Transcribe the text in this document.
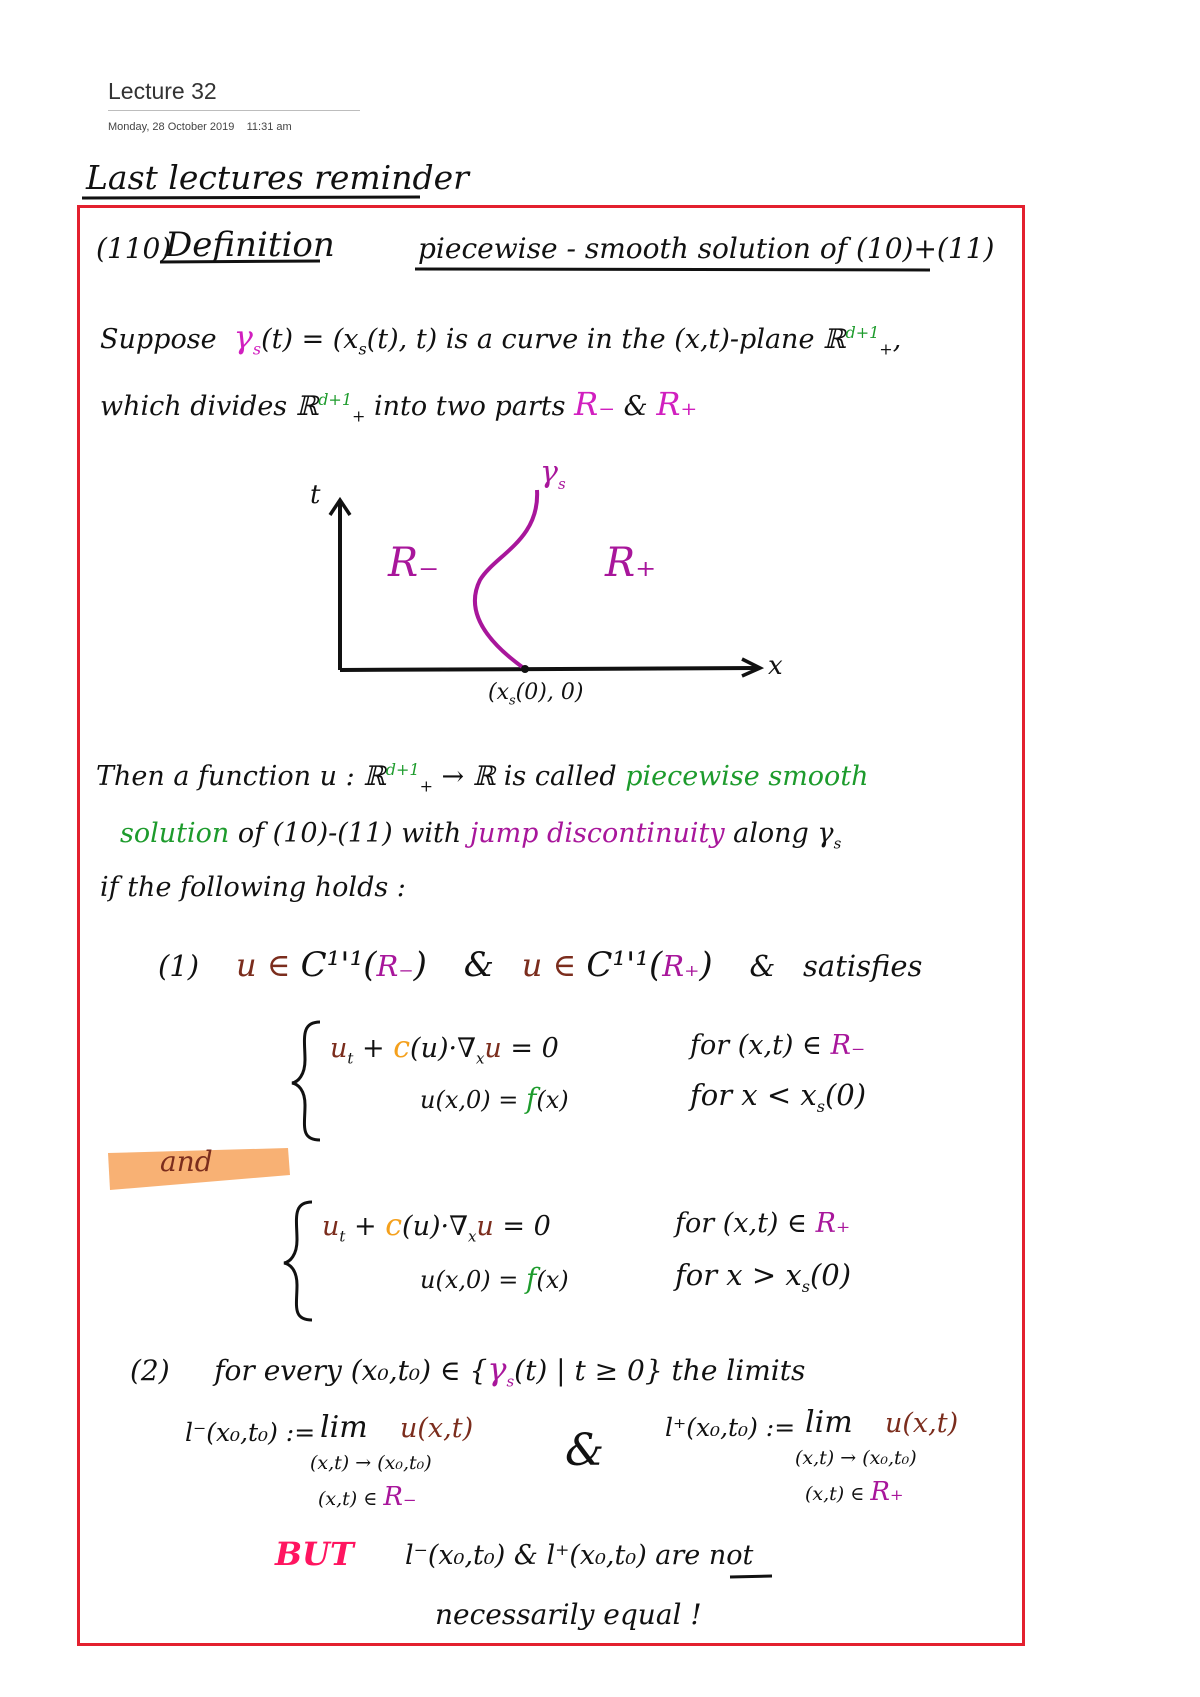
Lecture 32
Monday, 28 October 2019 11:31 am
Last lectures reminder
(110)
Definition	piecewise - smooth solution of (10)+(11)
Suppose $\gamma_s(t) = (x_s(t)$, t) is a curve in the (x,t)-plane ℝ$^{d+1}_+$,
which divides ℝ$^{d+1}_+$ into two parts R₋ & R₊
t
x
R₋	R₊
$\gamma_s$
($x_s(0)$, 0)
Then a function u : ℝ$^{d+1}_+$ → ℝ is called piecewise smooth
solution of (10)-(11) with jump discontinuity along $\gamma_s$
if the following holds :
(1) u ∈ C¹'¹(R₋) & u ∈ C¹'¹(R₊) & satisfies
$u_t + c(u)\cdot\nabla_xu = 0$	for (x,t) ∈ R₋
u(x,0) = f(x)	for $x < x_s(0)$
and
$u_t + c(u)\cdot\nabla_xu = 0$	for (x,t) ∈ R₊
u(x,0) = f(x)	for $x > x_s(0)$
(2) for every (x₀,t₀) ∈ {$\gamma_s(t)$ | t ≥ 0} the limits
l⁻(x₀,t₀) := lim u(x,t)
(x,t) → (x₀,t₀)
(x,t) ∈ R₋
& l⁺(x₀,t₀) := lim u(x,t)
(x,t) → (x₀,t₀)
(x,t) ∈ R₊
BUT l⁻(x₀,t₀) & l⁺(x₀,t₀) are not
necessarily equal !
